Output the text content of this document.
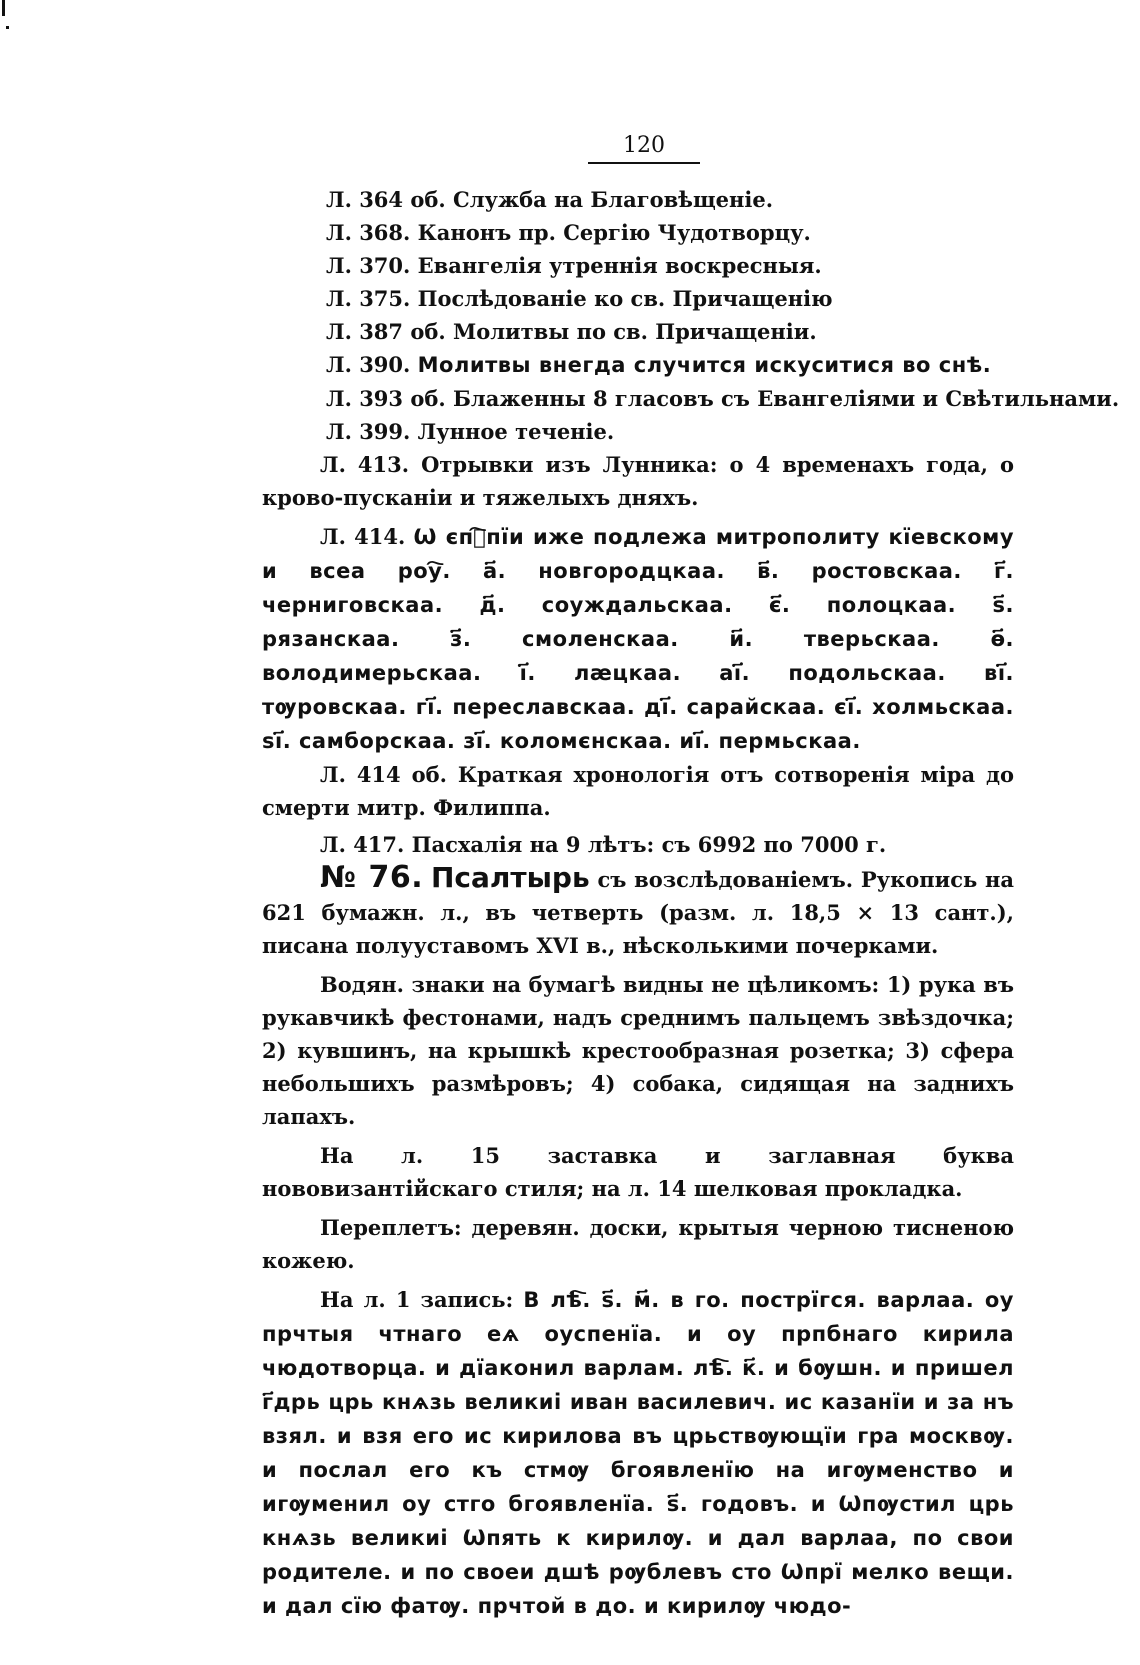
120

Л. 364 об. Служба на Благовѣщеніе.

Л. 368. Канонъ пр. Сергію Чудотворцу.

Л. 370. Евангелія утреннія воскресныя.

Л. 375. Послѣдованіе ко св. Причащенію

Л. 387 об. Молитвы по св. Причащеніи.

Л. 390. Молитвы внегда случится искуситися во снѣ.

Л. 393 об. Блаженны 8 гласовъ съ Евангеліями и Свѣтильнами.

Л. 399. Лунное теченіе.

Л. 413. Отрывки изъ Лунника: о 4 временахъ года, о крово-пусканіи и тяжелыхъ дняхъ.

Л. 414. Ѡ єпⷭ҇пїи иже подлежа митрополиту кїевскому и всеа роу҇. а҃. новгородцкаа. в҃. ростовскаа. г҃. черниговскаа. д҃. соуждальскаа. є҃. полоцкаа. ѕ҃. рязанскаа. з҃. смоленскаа. и҃. тверьскаа. ѳ҃. володимерьскаа. і҃. лӕцкаа. аі҃. подольскаа. ві҃. тѹровскаа. гі҃. переславскаа. ді҃. сарайскаа. єі҃. холмьскаа. ѕі҃. самборскаа. зі҃. коломєнскаа. иі҃. пермьскаа.

Л. 414 об. Краткая хронологія отъ сотворенія міра до смерти митр. Филиппа.

Л. 417. Пасхалія на 9 лѣтъ: съ 6992 по 7000 г.

№ 76. Псалтырь съ возслѣдованіемъ. Рукопись на 621 бумажн. л., въ четверть (разм. л. 18,5 × 13 сант.), писана полууставомъ XVI в., нѣсколькими почерками.

Водян. знаки на бумагѣ видны не цѣликомъ: 1) рука въ рукавчикѣ фестонами, надъ среднимъ пальцемъ звѣздочка; 2) кувшинъ, на крышкѣ крестообразная розетка; 3) сфера небольшихъ размѣровъ; 4) собака, сидящая на заднихъ лапахъ.

На л. 15 заставка и заглавная буква нововизантійскаго стиля; на л. 14 шелковая прокладка.

Переплетъ: деревян. доски, крытыя черною тисненою кожею.

На л. 1 запись: В лѣ҇. ѕ҃. м҃. в го. пострїгся. варлаа. оу прчтыя чтнаго еѧ оуспенїа. и оу прпбнаго кирила чюдотворца. и дїаконил варлам. лѣ҇. к҃. и бѹшн. и пришел г҃дрь црь кнѧзь великиі иван василевич. ис казанїи и за нъ взял. и взя его ис кирилова въ црьствѹющїи гра москвѹ. и послал его къ стмѹ бгоявленїю на игѹменство и игѹменил оу стго бгоявленїа. ѕ҃. годовъ. и Ѡпѹстил црь кнѧзь великиі Ѡпять к кирилѹ. и дал варлаа, по свои родителе. и по своеи дшѣ рѹблевъ сто Ѡпрї мелко вещи. и дал сїю фатѹ. прчтой в до. и кирилѹ чюдо-
